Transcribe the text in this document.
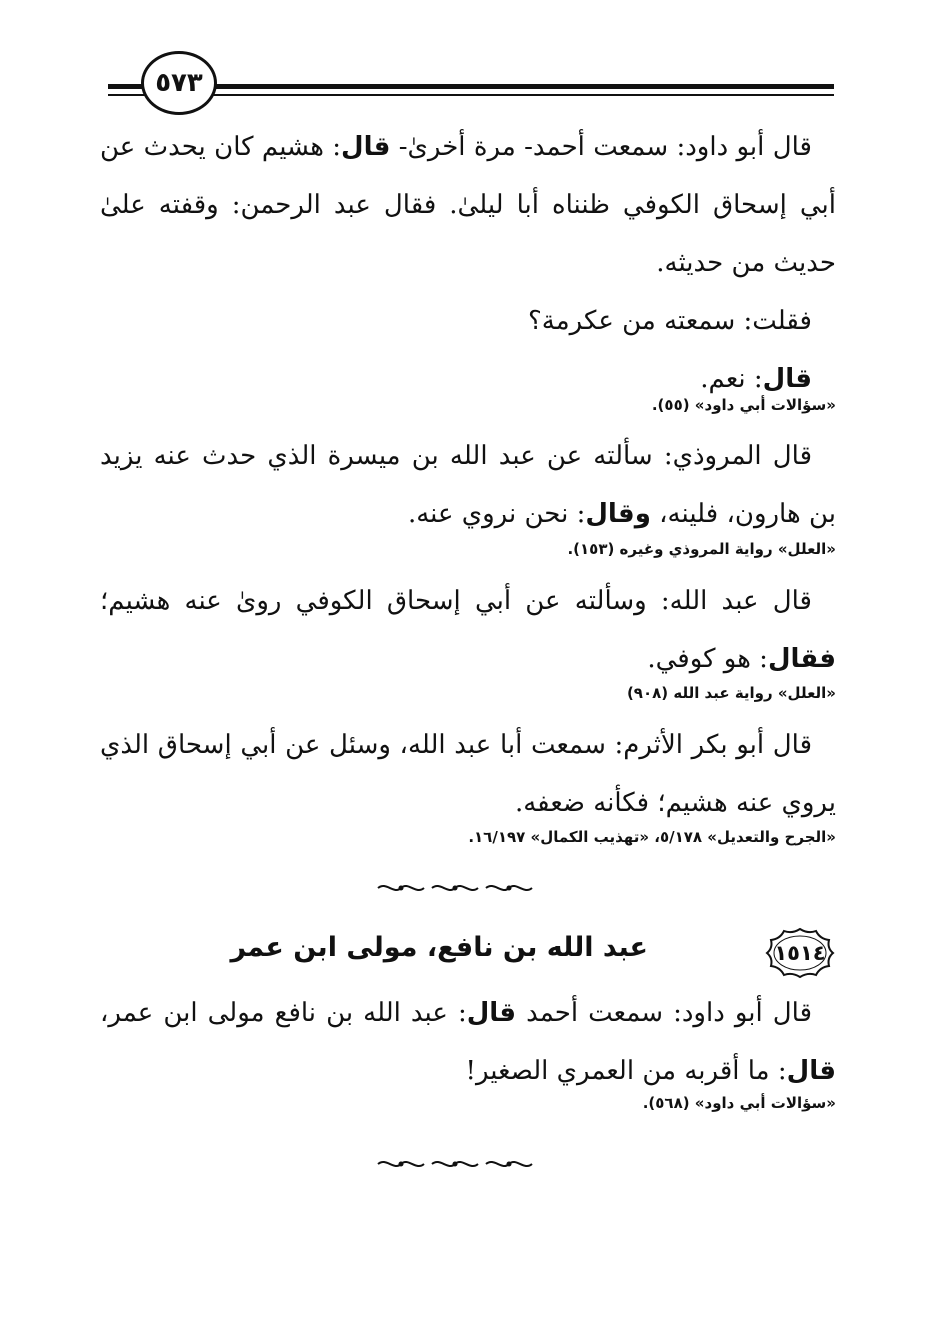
٥٧٣

قال أبو داود: سمعت أحمد- مرة أخرىٰ- قال: هشيم كان يحدث عن أبي إسحاق الكوفي ظنناه أبا ليلىٰ. فقال عبد الرحمن: وقفته علىٰ حديث من حديثه.

فقلت: سمعته من عكرمة؟

قال: نعم.

«سؤالات أبي داود» (٥٥).

قال المروذي: سألته عن عبد الله بن ميسرة الذي حدث عنه يزيد بن هارون، فلينه، وقال: نحن نروي عنه.

«العلل» رواية المروذي وغيره (١٥٣).

قال عبد الله: وسألته عن أبي إسحاق الكوفي روىٰ عنه هشيم؛ فقال: هو كوفي.

«العلل» رواية عبد الله (٩٠٨)

قال أبو بكر الأثرم: سمعت أبا عبد الله، وسئل عن أبي إسحاق الذي يروي عنه هشيم؛ فكأنه ضعفه.

«الجرح والتعديل» ٥/١٧٨، «تهذيب الكمال» ١٦/١٩٧.
١٥١٤
عبد الله بن نافع، مولى ابن عمر

قال أبو داود: سمعت أحمد قال: عبد الله بن نافع مولى ابن عمر، قال: ما أقربه من العمري الصغير!

«سؤالات أبي داود» (٥٦٨).
